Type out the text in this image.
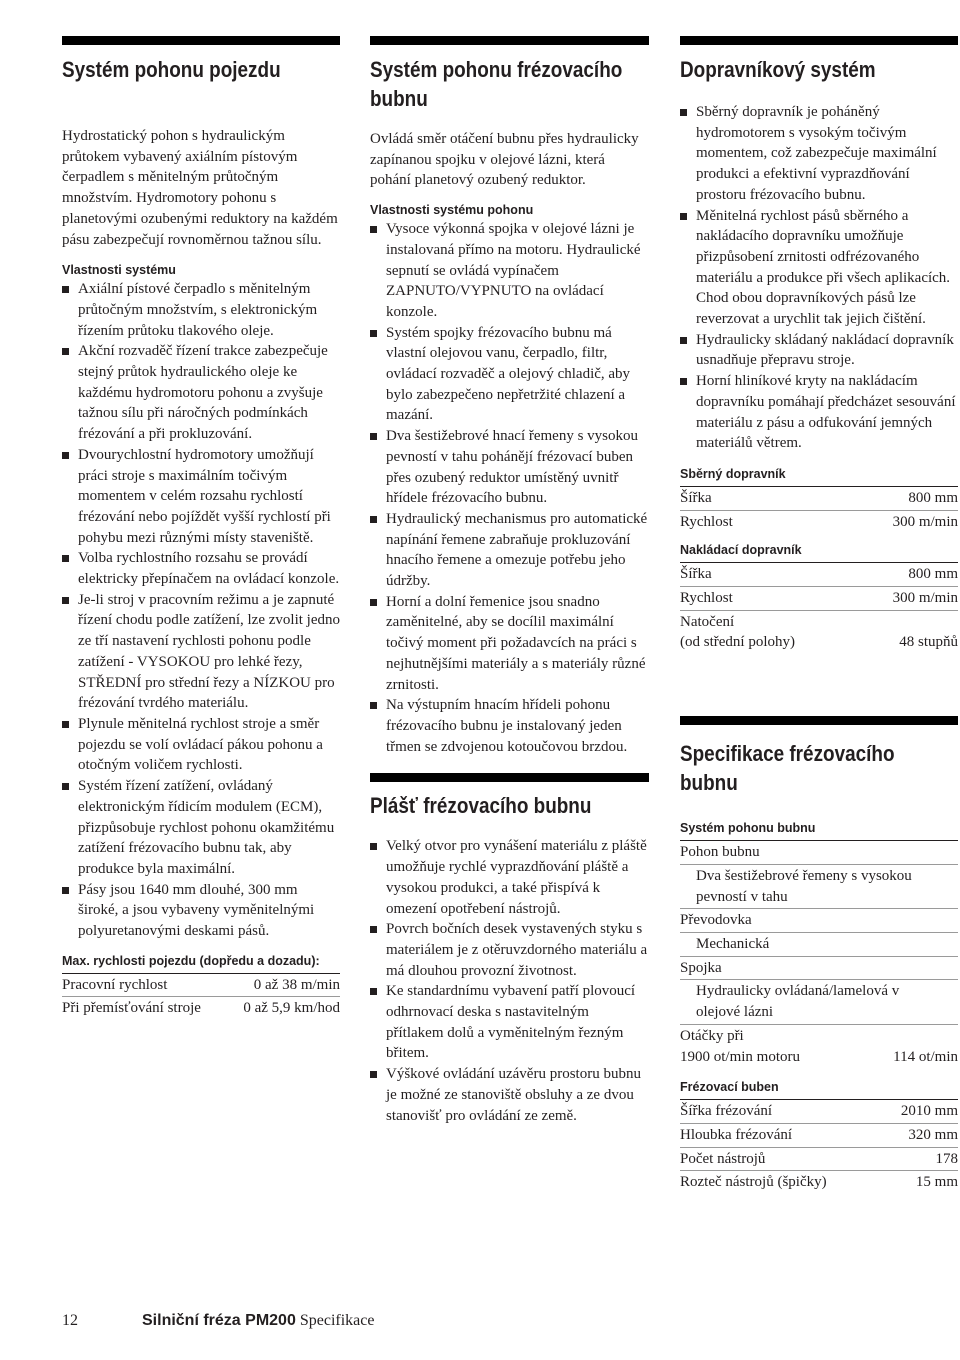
Systém pohonu pojezdu

Hydrostatický pohon s hydraulickým průtokem vybavený axiálním pístovým čerpadlem s měnitelným průtočným množstvím. Hydromotory pohonu s planetovými ozubenými reduktory na každém pásu zabezpečují rovnoměrnou tažnou sílu.

Vlastnosti systému
Axiální pístové čerpadlo s měnitelným průtočným množstvím, s elektronickým řízením průtoku tlakového oleje.
Akční rozvaděč řízení trakce zabezpečuje stejný průtok hydraulického oleje ke každému hydromotoru pohonu a zvyšuje tažnou sílu při náročných podmínkách frézování a při prokluzování.
Dvourychlostní hydromotory umožňují práci stroje s maximálním točivým momentem v celém rozsahu rychlostí frézování nebo pojíždět vyšší rychlostí při pohybu mezi různými místy staveniště.
Volba rychlostního rozsahu se provádí elektricky přepínačem na ovládací konzole.
Je-li stroj v pracovním režimu a je zapnuté řízení chodu podle zatížení, lze zvolit jedno ze tří nastavení rychlosti pohonu podle zatížení - VYSOKOU pro lehké řezy, STŘEDNÍ pro střední řezy a NÍZKOU pro frézování tvrdého materiálu.
Plynule měnitelná rychlost stroje a směr pojezdu se volí ovládací pákou pohonu a otočným voličem rychlosti.
Systém řízení zatížení, ovládaný elektronickým řídicím modulem (ECM), přizpůsobuje rychlost pohonu okamžitému zatížení frézovacího bubnu tak, aby produkce byla maximální.
Pásy jsou 1640 mm dlouhé, 300 mm široké, a jsou vybaveny vyměnitelnými polyuretanovými deskami pásů.
Max. rychlosti pojezdu (dopředu a dozadu):
Pracovní rychlost	0 až 38 m/min
Při přemísťování stroje	0 až 5,9 km/hod
Systém pohonu frézovacího bubnu

Ovládá směr otáčení bubnu přes hydraulicky zapínanou spojku v olejové lázni, která pohání planetový ozubený reduktor.

Vlastnosti systému pohonu
Vysoce výkonná spojka v olejové lázni je instalovaná přímo na motoru. Hydraulické sepnutí se ovládá vypínačem ZAPNUTO/VYPNUTO na ovládací konzole.
Systém spojky frézovacího bubnu má vlastní olejovou vanu, čerpadlo, filtr, ovládací rozvaděč a olejový chladič, aby bylo zabezpečeno nepřetržité chlazení a mazání.
Dva šestižebrové hnací řemeny s vysokou pevností v tahu pohánějí frézovací buben přes ozubený reduktor umístěný uvnitř hřídele frézovacího bubnu.
Hydraulický mechanismus pro automatické napínání řemene zabraňuje prokluzování hnacího řemene a omezuje potřebu jeho údržby.
Horní a dolní řemenice jsou snadno zaměnitelné, aby se docílil maximální točivý moment při požadavcích na práci s nejhutnějšími materiály a s materiály různé zrnitosti.
Na výstupním hnacím hřídeli pohonu frézovacího bubnu je instalovaný jeden třmen se zdvojenou kotoučovou brzdou.
Plášť frézovacího bubnu
Velký otvor pro vynášení materiálu z pláště umožňuje rychlé vyprazdňování pláště a vysokou produkci, a také přispívá k omezení opotřebení nástrojů.
Povrch bočních desek vystavených styku s materiálem je z otěruvzdorného materiálu a má dlouhou provozní životnost.
Ke standardnímu vybavení patří plovoucí odhrnovací deska s nastavitelným přítlakem dolů a vyměnitelným řezným břitem.
Výškové ovládání uzávěru prostoru bubnu je možné ze stanoviště obsluhy a ze dvou stanovišť pro ovládání ze země.
Dopravníkový systém
Sběrný dopravník je poháněný hydromotorem s vysokým točivým momentem, což zabezpečuje maximální produkci a efektivní vyprazdňování prostoru frézovacího bubnu.
Měnitelná rychlost pásů sběrného a nakládacího dopravníku umožňuje přizpůsobení zrnitosti odfrézovaného materiálu a produkce při všech aplikacích. Chod obou dopravníkových pásů lze reverzovat a urychlit tak jejich čištění.
Hydraulicky skládaný nakládací dopravník usnadňuje přepravu stroje.
Horní hliníkové kryty na nakládacím dopravníku pomáhají předcházet sesouvání materiálu z pásu a odfukování jemných materiálů větrem.
Sběrný dopravník
Šířka	800 mm
Rychlost	300 m/min
Nakládací dopravník
Šířka	800 mm
Rychlost	300 m/min
Natočení
(od střední polohy)	48 stupňů
Specifikace frézovacího bubnu
Systém pohonu bubnu
Pohon bubnu
Dva šestižebrové řemeny s vysokou
pevností v tahu
Převodovka
Mechanická
Spojka
Hydraulicky ovládaná/lamelová v
olejové lázni
Otáčky při
1900 ot/min motoru	114 ot/min
Frézovací buben
Šířka frézování	2010 mm
Hloubka frézování	320 mm
Počet nástrojů	178
Rozteč nástrojů (špičky)	15 mm
12	Silniční fréza PM200 Specifikace
